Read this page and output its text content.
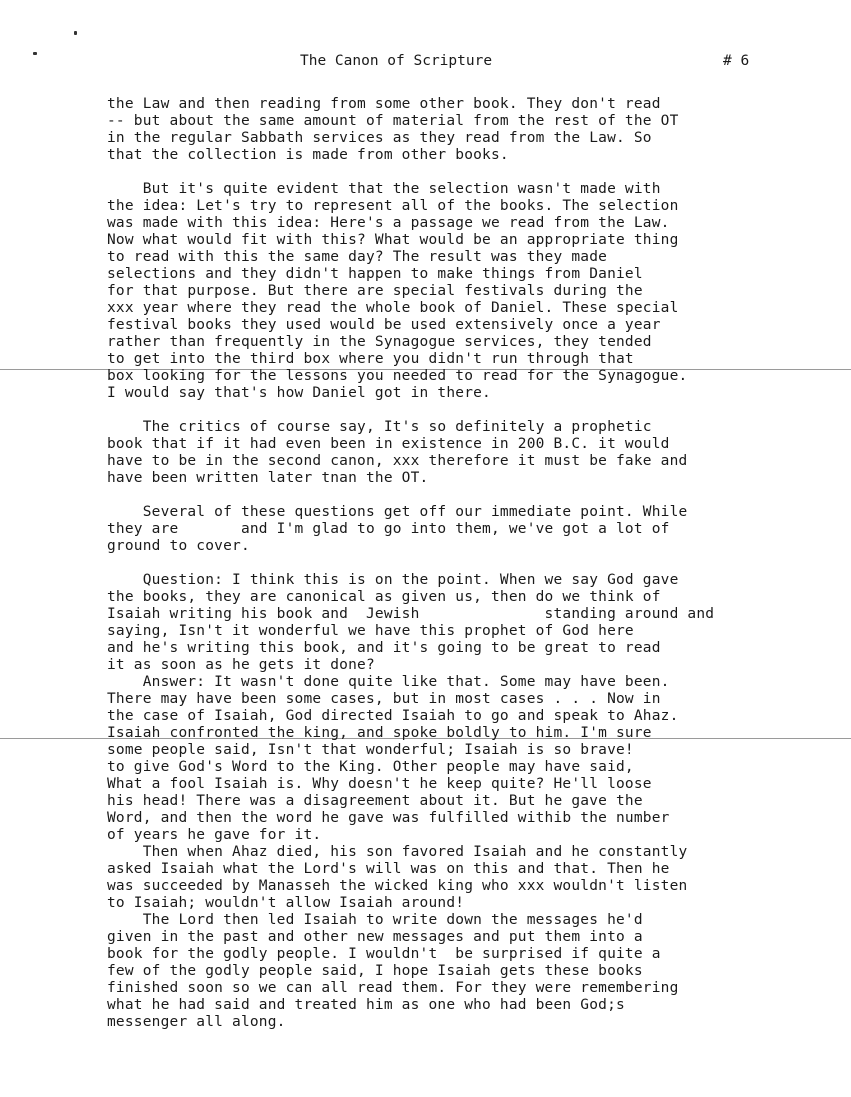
The Canon of Scripture	# 6
the Law and then reading from some other book. They don't read
-- but about the same amount of material from the rest of the OT
in the regular Sabbath services as they read from the Law. So
that the collection is made from other books.
But it's quite evident that the selection wasn't made with
the idea: Let's try to represent all of the books. The selection
was made with this idea: Here's a passage we read from the Law.
Now what would fit with this? What would be an appropriate thing
to read with this the same day? The result was they made
selections and they didn't happen to make things from Daniel
for that purpose. But there are special festivals during the
xxx year where they read the whole book of Daniel. These special
festival books they used would be used extensively once a year
rather than frequently in the Synagogue services, they tended
to get into the third box where you didn't run through that
box looking for the lessons you needed to read for the Synagogue.
I would say that's how Daniel got in there.
The critics of course say, It's so definitely a prophetic
book that if it had even been in existence in 200 B.C. it would
have to be in the second canon, xxx therefore it must be fake and
have been written later tnan the OT.
Several of these questions get off our immediate point. While
they are       and I'm glad to go into them, we've got a lot of
ground to cover.
Question: I think this is on the point. When we say God gave
the books, they are canonical as given us, then do we think of
Isaiah writing his book and  Jewish              standing around and
saying, Isn't it wonderful we have this prophet of God here
and he's writing this book, and it's going to be great to read
it as soon as he gets it done?
Answer: It wasn't done quite like that. Some may have been.
There may have been some cases, but in most cases . . . Now in
the case of Isaiah, God directed Isaiah to go and speak to Ahaz.
Isaiah confronted the king, and spoke boldly to him. I'm sure
some people said, Isn't that wonderful; Isaiah is so brave!
to give God's Word to the King. Other people may have said,
What a fool Isaiah is. Why doesn't he keep quite? He'll loose
his head! There was a disagreement about it. But he gave the
Word, and then the word he gave was fulfilled withib the number
of years he gave for it.
Then when Ahaz died, his son favored Isaiah and he constantly
asked Isaiah what the Lord's will was on this and that. Then he
was succeeded by Manasseh the wicked king who xxx wouldn't listen
to Isaiah; wouldn't allow Isaiah around!
The Lord then led Isaiah to write down the messages he'd
given in the past and other new messages and put them into a
book for the godly people. I wouldn't  be surprised if quite a
few of the godly people said, I hope Isaiah gets these books
finished soon so we can all read them. For they were remembering
what he had said and treated him as one who had been God;s
messenger all along.
